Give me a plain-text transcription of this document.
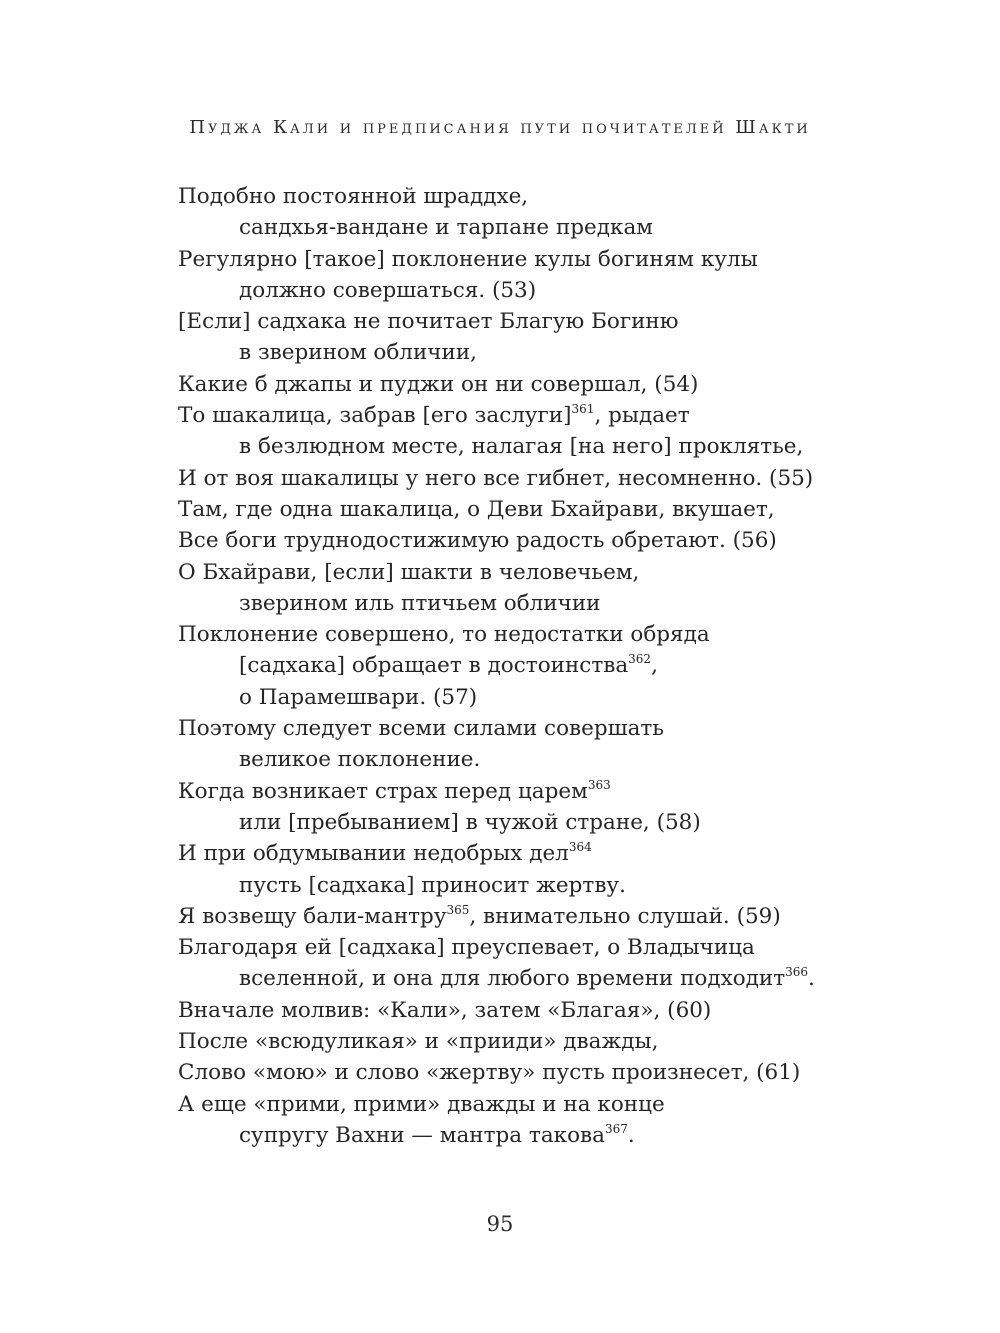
Пуджа Кали и предписания пути почитателей Шакти
Подобно постоянной шраддхе,
сандхья-вандане и тарпане предкам
Регулярно [такое] поклонение кулы богиням кулы
должно совершаться. (53)
[Если] садхака не почитает Благую Богиню
в зверином обличии,
Какие б джапы и пуджи он ни совершал, (54)
То шакалица, забрав [его заслуги]$^{361}$, рыдает
в безлюдном месте, налагая [на него] проклятье,
И от воя шакалицы у него все гибнет, несомненно. (55)
Там, где одна шакалица, о Деви Бхайрави, вкушает,
Все боги труднодостижимую радость обретают. (56)
О Бхайрави, [если] шакти в человечьем,
зверином иль птичьем обличии
Поклонение совершено, то недостатки обряда
[садхака] обращает в достоинства$^{362}$,
о Парамешвари. (57)
Поэтому следует всеми силами совершать
великое поклонение.
Когда возникает страх перед царем$^{363}$
или [пребыванием] в чужой стране, (58)
И при обдумывании недобрых дел$^{364}$
пусть [садхака] приносит жертву.
Я возвещу бали-мантру$^{365}$, внимательно слушай. (59)
Благодаря ей [садхака] преуспевает, о Владычица
вселенной, и она для любого времени подходит$^{366}$.
Вначале молвив: «Кали», затем «Благая», (60)
После «всюдуликая» и «прииди» дважды,
Слово «мою» и слово «жертву» пусть произнесет, (61)
А еще «прими, прими» дважды и на конце
супругу Вахни — мантра такова$^{367}$.
95
